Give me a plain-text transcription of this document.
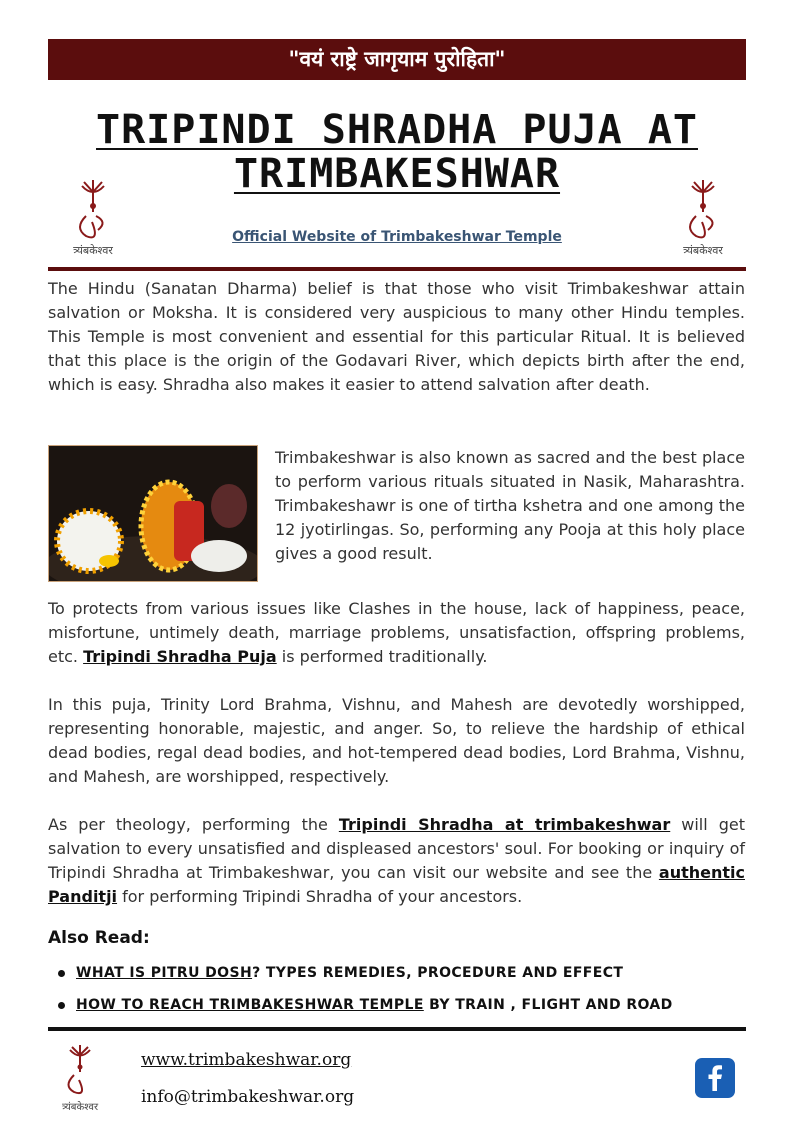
"वयं राष्ट्रे जागृयाम पुरोहिता"
त्र्यंबकेश्वर	त्र्यंबकेश्वर
TRIPINDI SHRADHA PUJA AT
TRIMBAKESHWAR
Official Website of Trimbakeshwar Temple

The Hindu (Sanatan Dharma) belief is that those who visit Trimbakeshwar attain salvation or Moksha. It is considered very auspicious to many other Hindu temples. This Temple is most convenient and essential for this particular Ritual. It is believed that this place is the origin of the Godavari River, which depicts birth after the end, which is easy. Shradha also makes it easier to attend salvation after death.

Trimbakeshwar is also known as sacred and the best place to perform various rituals situated in Nasik, Maharashtra. Trimbakeshawr is one of tirtha kshetra and one among the 12 jyotirlingas. So, performing any Pooja at this holy place gives a good result.

To protects from various issues like Clashes in the house, lack of happiness, peace, misfortune, untimely death, marriage problems, unsatisfaction, offspring problems, etc. Tripindi Shradha Puja is performed traditionally.

In this puja, Trinity Lord Brahma, Vishnu, and Mahesh are devotedly worshipped, representing honorable, majestic, and anger. So, to relieve the hardship of ethical dead bodies, regal dead bodies, and hot-tempered dead bodies, Lord Brahma, Vishnu, and Mahesh, are worshipped, respectively.

As per theology, performing the Tripindi Shradha at trimbakeshwar will get salvation to every unsatisfied and displeased ancestors' soul. For booking or inquiry of Tripindi Shradha at Trimbakeshwar, you can visit our website and see the authentic Panditji for performing Tripindi Shradha of your ancestors.

Also Read:
WHAT IS PITRU DOSH? TYPES REMEDIES, PROCEDURE AND EFFECT
HOW TO REACH TRIMBAKESHWAR TEMPLE BY TRAIN , FLIGHT AND ROAD
त्र्यंबकेश्वर
www.trimbakeshwar.org
info@trimbakeshwar.org
